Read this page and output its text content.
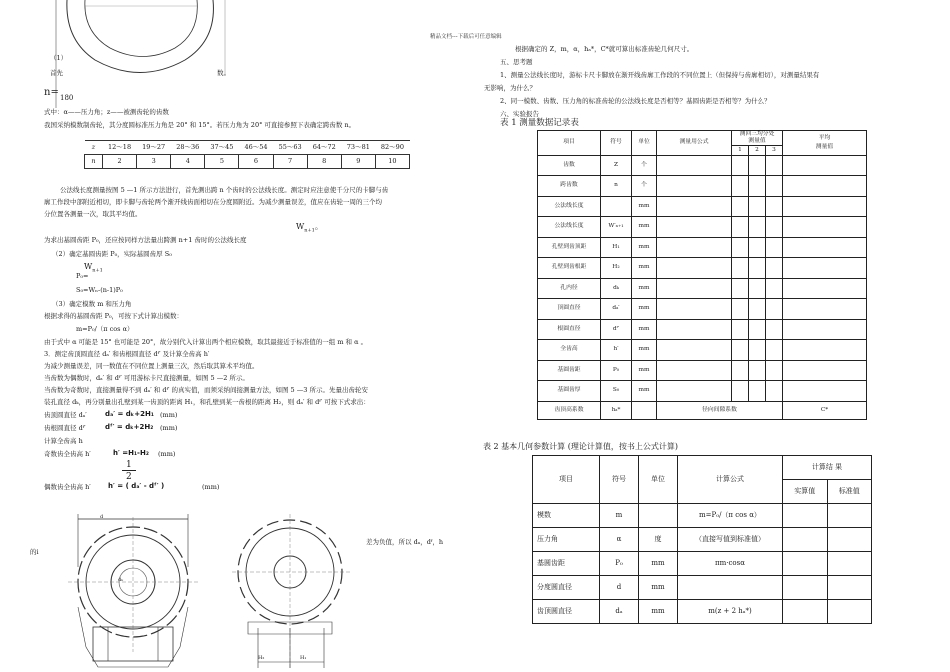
精品文档---下载后可任意编辑
（1）
首先	数。
n= 180
式中：α——压力角；z——被测齿轮的齿数
我国采纳模数制齿轮，其分度圆标准压力角是 20° 和 15°。若压力角为 20° 可直接参照下表确定跨齿数 n。
z	12～18	19～27	28～36	37～45	46～54	55～63	64～72	73～81	82～90
n	2	3	4	5	6	7	8	9	10
公法线长度测量按图 5 —1 所示方法进行，首先测出跨 n 个齿时的公法线长度。测定时应注意使千分尺的卡脚与齿
廓工作段中部附近相切，即卡脚与齿轮两个渐开线齿面相切在分度圆附近。为减少测量误差，值应在齿轮一周的三个均
分位置各测量一次，取其平均值。
为求出基圆齿距 P₀，还应按同样方法量出跨测 n+1 齿时的公法线长度
$W_{n+1}$。
（2）确定基圆齿距 P₀，实际基圆齿厚 S₀
$W_{n+1}$
P₀=
S₀=Wₙ-(n-1)P₀
（3）确定模数 m 和压力角
根据求得的基圆齿距 P₀，可按下式计算出模数：
m=P₀/（π cos α）
由于式中 α 可能是 15° 也可能是 20°，故分别代入计算出两个相应模数，取其最接近于标准值的一组 m 和 α 。
3．测定齿顶圆直径 dₐ′ 和齿根圆直径 dᶠ′ 及计算全齿高 h′
为减少测量误差，同一数值在不同位置上测量三次，然后取其算术平均值。
当齿数为偶数时，dₐ′ 和 dᶠ′ 可用游标卡尺直接测量，如图 5 —2 所示。
当齿数为奇数时，直接测量得不到 dₐ′ 和 dᶠ′ 的真实值，而须采纳间接测量方法，如图 5 —3 所示。先量出齿轮安
装孔直径 dₖ，再分别量出孔壁到某一齿顶的距离 H₁，和孔壁到某一齿根的距离 H₂，则 dₐ′ 和 dᶠ′ 可按下式求出：
齿顶圆直径 dₐ′	dₐ′ = dₖ+2H₁ (mm)
齿根圆直径 dᶠ′	dᶠ′ = dₖ+2H₂ (mm)
计算全齿高 h
奇数齿全齿高 h′	h′ =H₁-H₂ (mm)
1
2
偶数齿全齿高 h′ h′ = ( dₐ′ - dᶠ′ )	(mm)
差为负值，所以 dₐ，dᶠ，h
的i
d
dₖ
H₂	H₁
根据确定的 Z，m，α，hₐ*，C*就可算出标准齿轮几何尺寸。
五、思考题
1、测量公法线长度时，游标卡尺卡脚放在渐开线齿廓工作段的不同位置上（但保持与齿廓相切），对测量结果有
无影响，为什么？
2、同一模数、齿数、压力角的标准齿轮的公法线长度是否相等？基圆齿距是否相等？为什么？
六、实验报告
表 1 测量数据记录表
项目	符号	单位	测量用公式	测回三均分处
测量值			平均
测量值
				1	2	3	
齿数	Z	个					
跨齿数	n	个					
公法线长度		mm					
公法线长度	W′ₙ₊₁	mm					
孔壁到齿顶距	H₁	mm					
孔壁到齿根距	H₂	mm					
孔内径	dₖ	mm					
顶圆直径	dₐ′	mm					
根圆直径	dᶠ′	mm					
全齿高	h′	mm					
基圆齿距	P₀	mm					
基圆齿厚	S₀	mm					
齿顶高系数	hₐ*		径向间隙系数				C*
表 2 基本几何参数计算 (理论计算值，按书上公式计算)
项目	符号	单位	计算公式	计算结 果	
				实算值	标准值
模数	m		m=P₀/（π cos α）		
压力角	α	度	（直接写值到标准值）		
基圆齿距	P₀	mm	πm·cosα		
分度圆直径	d	mm			
齿顶圆直径	dₐ	mm	m(z + 2 hₐ*)		
